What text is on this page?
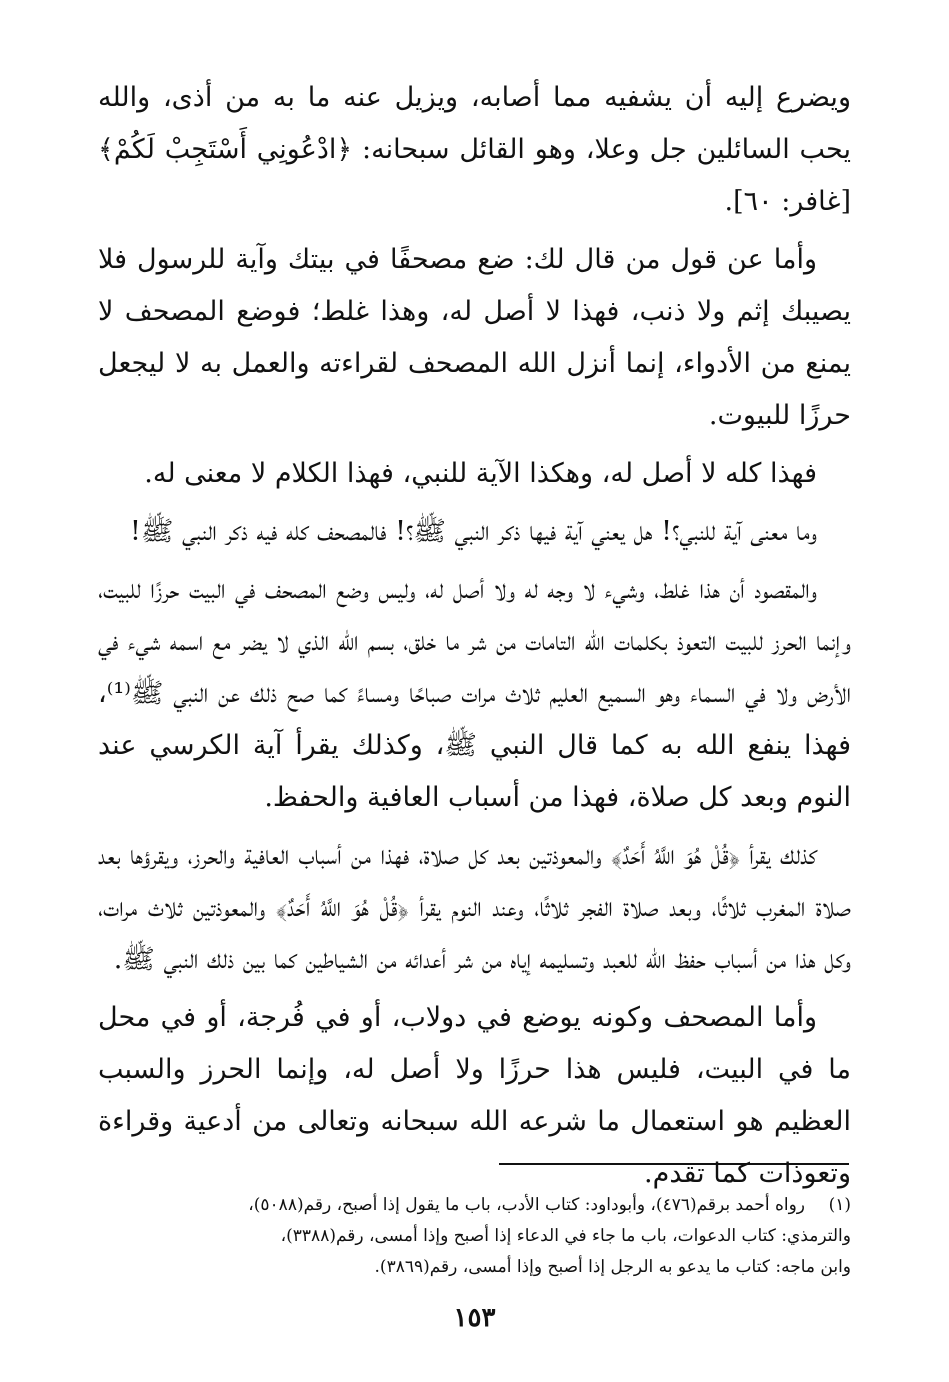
ويضرع إليه أن يشفيه مما أصابه، ويزيل عنه ما به من أذى، والله يحب السائلين جل وعلا، وهو القائل سبحانه: ﴿ادْعُونِي أَسْتَجِبْ لَكُمْ﴾ [غافر: ٦٠].

وأما عن قول من قال لك: ضع مصحفًا في بيتك وآية للرسول فلا يصيبك إثم ولا ذنب، فهذا لا أصل له، وهذا غلط؛ فوضع المصحف لا يمنع من الأدواء، إنما أنزل الله المصحف لقراءته والعمل به لا ليجعل حرزًا للبيوت.

فهذا كله لا أصل له، وهكذا الآية للنبي، فهذا الكلام لا معنى له.

وما معنى آية للنبي؟! هل يعني آية فيها ذكر النبي ﷺ؟! فالمصحف كله فيه ذكر النبي ﷺ!

والمقصود أن هذا غلط، وشيء لا وجه له ولا أصل له، وليس وضع المصحف في البيت حرزًا للبيت، وإنما الحرز للبيت التعوذ بكلمات الله التامات من شر ما خلق، بسم الله الذي لا يضر مع اسمه شيء في الأرض ولا في السماء وهو السميع العليم ثلاث مرات صباحًا ومساءً كما صح ذلك عن النبي ﷺ⁽¹⁾، فهذا ينفع الله به كما قال النبي ﷺ، وكذلك يقرأ آية الكرسي عند النوم وبعد كل صلاة، فهذا من أسباب العافية والحفظ.

كذلك يقرأ ﴿قُلْ هُوَ اللَّهُ أَحَدٌ﴾ والمعوذتين بعد كل صلاة، فهذا من أسباب العافية والحرز، ويقرؤها بعد صلاة المغرب ثلاثًا، وبعد صلاة الفجر ثلاثًا، وعند النوم يقرأ ﴿قُلْ هُوَ اللَّهُ أَحَدٌ﴾ والمعوذتين ثلاث مرات، وكل هذا من أسباب حفظ الله للعبد وتسليمه إياه من شر أعدائه من الشياطين كما بين ذلك النبي ﷺ.

وأما المصحف وكونه يوضع في دولاب، أو في فُرجة، أو في محل ما في البيت، فليس هذا حرزًا ولا أصل له، وإنما الحرز والسبب العظيم هو استعمال ما شرعه الله سبحانه وتعالى من أدعية وقراءة وتعوذات كما تقدم.

(١)رواه أحمد برقم(٤٧٦)، وأبوداود: كتاب الأدب، باب ما يقول إذا أصبح، رقم(٥٠٨٨)،
والترمذي: كتاب الدعوات، باب ما جاء في الدعاء إذا أصبح وإذا أمسى، رقم(٣٣٨٨)،
وابن ماجه: كتاب ما يدعو به الرجل إذا أصبح وإذا أمسى، رقم(٣٨٦٩).
١٥٣
